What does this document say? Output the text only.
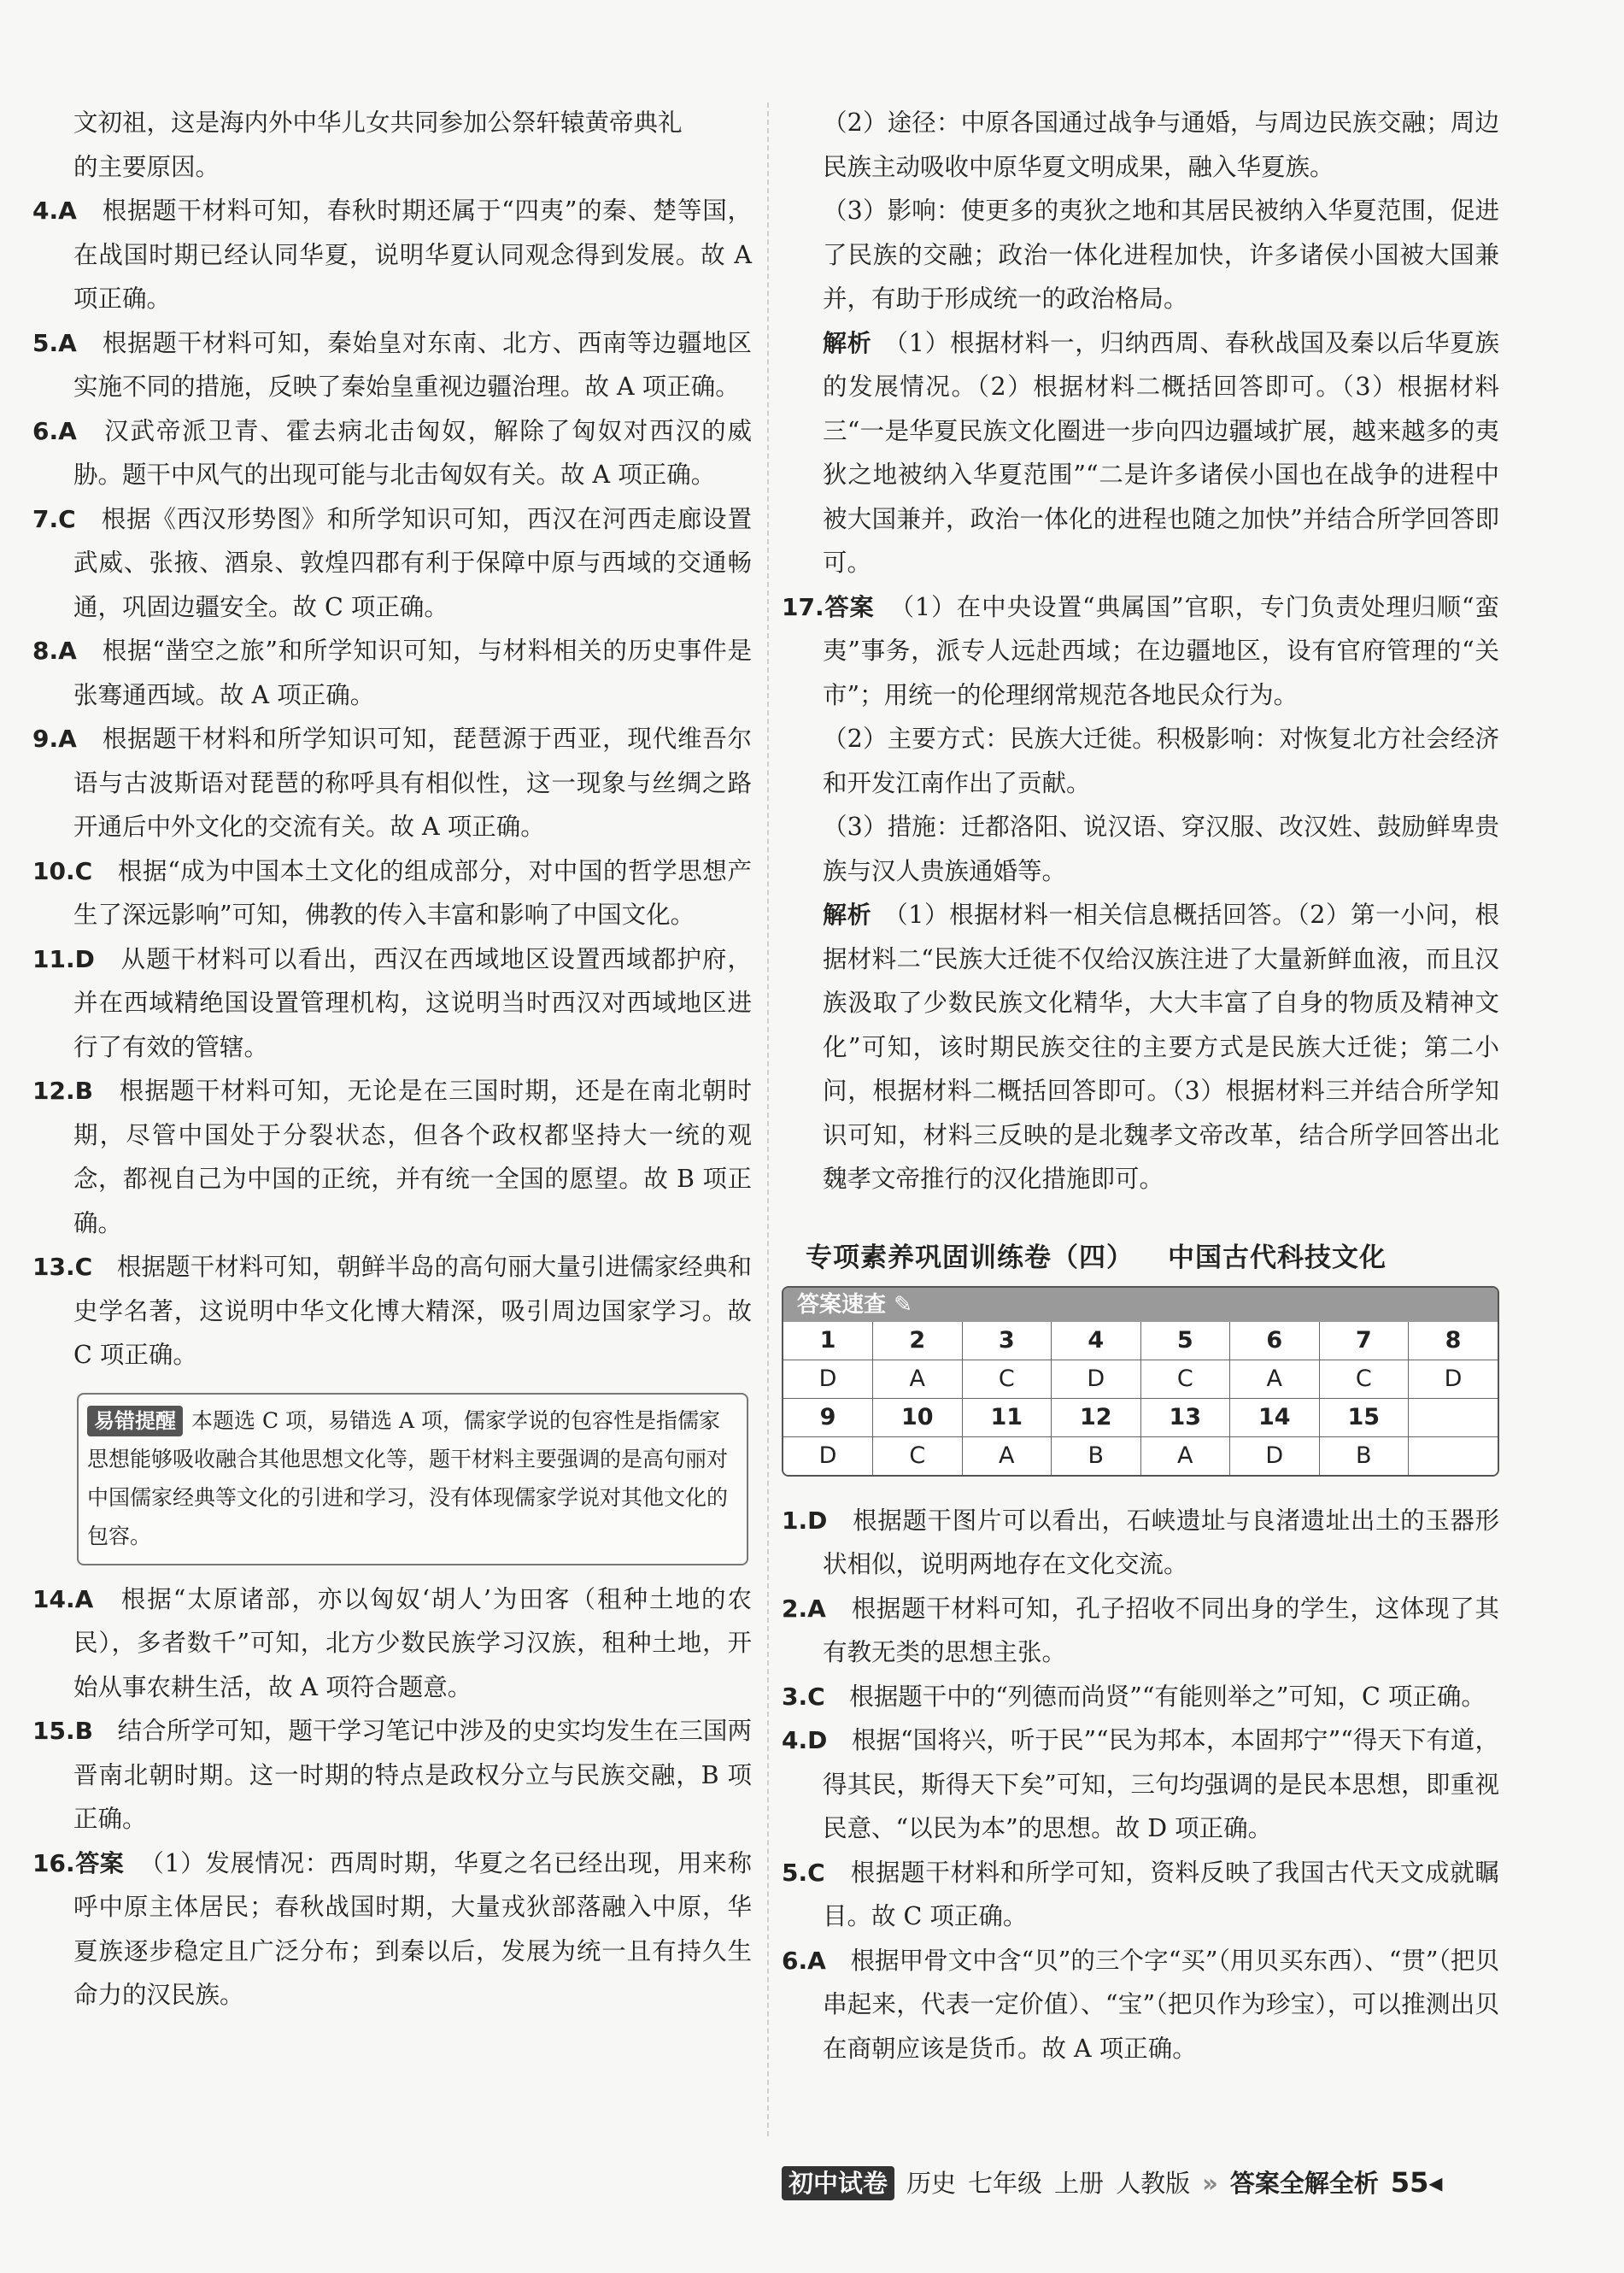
文初祖，这是海内外中华儿女共同参加公祭轩辕黄帝典礼

的主要原因。

4.A　 根据题干材料可知，春秋时期还属于“四夷”的秦、楚等国，在战国时期已经认同华夏，说明华夏认同观念得到发展。故 A 项正确。

5.A　 根据题干材料可知，秦始皇对东南、北方、西南等边疆地区实施不同的措施，反映了秦始皇重视边疆治理。故 A 项正确。

6.A　 汉武帝派卫青、霍去病北击匈奴，解除了匈奴对西汉的威胁。题干中风气的出现可能与北击匈奴有关。故 A 项正确。

7.C　 根据《西汉形势图》和所学知识可知，西汉在河西走廊设置武威、张掖、酒泉、敦煌四郡有利于保障中原与西域的交通畅通，巩固边疆安全。故 C 项正确。

8.A　 根据“凿空之旅”和所学知识可知，与材料相关的历史事件是张骞通西域。故 A 项正确。

9.A　 根据题干材料和所学知识可知，琵琶源于西亚，现代维吾尔语与古波斯语对琵琶的称呼具有相似性，这一现象与丝绸之路开通后中外文化的交流有关。故 A 项正确。

10.C　 根据“成为中国本土文化的组成部分，对中国的哲学思想产生了深远影响”可知，佛教的传入丰富和影响了中国文化。

11.D　 从题干材料可以看出，西汉在西域地区设置西域都护府，并在西域精绝国设置管理机构，这说明当时西汉对西域地区进行了有效的管辖。

12.B　 根据题干材料可知，无论是在三国时期，还是在南北朝时期，尽管中国处于分裂状态，但各个政权都坚持大一统的观念，都视自己为中国的正统，并有统一全国的愿望。故 B 项正确。

13.C　 根据题干材料可知，朝鲜半岛的高句丽大量引进儒家经典和史学名著，这说明中华文化博大精深，吸引周边国家学习。故 C 项正确。

易错提醒 本题选 C 项，易错选 A 项，儒家学说的包容性是指儒家思想能够吸收融合其他思想文化等，题干材料主要强调的是高句丽对中国儒家经典等文化的引进和学习，没有体现儒家学说对其他文化的包容。

14.A　 根据“太原诸部，亦以匈奴‘胡人’为田客（租种土地的农民），多者数千”可知，北方少数民族学习汉族，租种土地，开始从事农耕生活，故 A 项符合题意。

15.B　 结合所学可知，题干学习笔记中涉及的史实均发生在三国两晋南北朝时期。这一时期的特点是政权分立与民族交融，B 项正确。

16.答案 （1）发展情况：西周时期，华夏之名已经出现，用来称呼中原主体居民；春秋战国时期，大量戎狄部落融入中原，华夏族逐步稳定且广泛分布；到秦以后，发展为统一且有持久生命力的汉民族。

（2）途径：中原各国通过战争与通婚，与周边民族交融；周边民族主动吸收中原华夏文明成果，融入华夏族。

（3）影响：使更多的夷狄之地和其居民被纳入华夏范围，促进了民族的交融；政治一体化进程加快，许多诸侯小国被大国兼并，有助于形成统一的政治格局。

解析 （1）根据材料一，归纳西周、春秋战国及秦以后华夏族的发展情况。（2）根据材料二概括回答即可。（3）根据材料三“一是华夏民族文化圈进一步向四边疆域扩展，越来越多的夷狄之地被纳入华夏范围”“二是许多诸侯小国也在战争的进程中被大国兼并，政治一体化的进程也随之加快”并结合所学回答即可。

17.答案 （1）在中央设置“典属国”官职，专门负责处理归顺“蛮夷”事务，派专人远赴西域；在边疆地区，设有官府管理的“关市”；用统一的伦理纲常规范各地民众行为。

（2）主要方式：民族大迁徙。积极影响：对恢复北方社会经济和开发江南作出了贡献。

（3）措施：迁都洛阳、说汉语、穿汉服、改汉姓、鼓励鲜卑贵族与汉人贵族通婚等。

解析 （1）根据材料一相关信息概括回答。（2）第一小问，根据材料二“民族大迁徙不仅给汉族注进了大量新鲜血液，而且汉族汲取了少数民族文化精华，大大丰富了自身的物质及精神文化”可知，该时期民族交往的主要方式是民族大迁徙；第二小问，根据材料二概括回答即可。（3）根据材料三并结合所学知识可知，材料三反映的是北魏孝文帝改革，结合所学回答出北魏孝文帝推行的汉化措施即可。

专项素养巩固训练卷（四） 中国古代科技文化
答案速查 ✎
1	2	3	4	5	6	7	8
D	A	C	D	C	A	C	D
9	10	11	12	13	14	15	
D	C	A	B	A	D	B	

1.D　 根据题干图片可以看出，石峡遗址与良渚遗址出土的玉器形状相似，说明两地存在文化交流。

2.A　 根据题干材料可知，孔子招收不同出身的学生，这体现了其有教无类的思想主张。

3.C　 根据题干中的“列德而尚贤”“有能则举之”可知，C 项正确。

4.D　 根据“国将兴，听于民”“民为邦本，本固邦宁”“得天下有道，得其民，斯得天下矣”可知，三句均强调的是民本思想，即重视民意、“以民为本”的思想。故 D 项正确。

5.C　 根据题干材料和所学可知，资料反映了我国古代天文成就瞩目。故 C 项正确。

6.A　 根据甲骨文中含“贝”的三个字“买”（用贝买东西）、“贯”（把贝串起来，代表一定价值）、“宝”（把贝作为珍宝），可以推测出贝在商朝应该是货币。故 A 项正确。

初中试卷 历史 七年级 上册 人教版 » 答案全解全析 55◂
